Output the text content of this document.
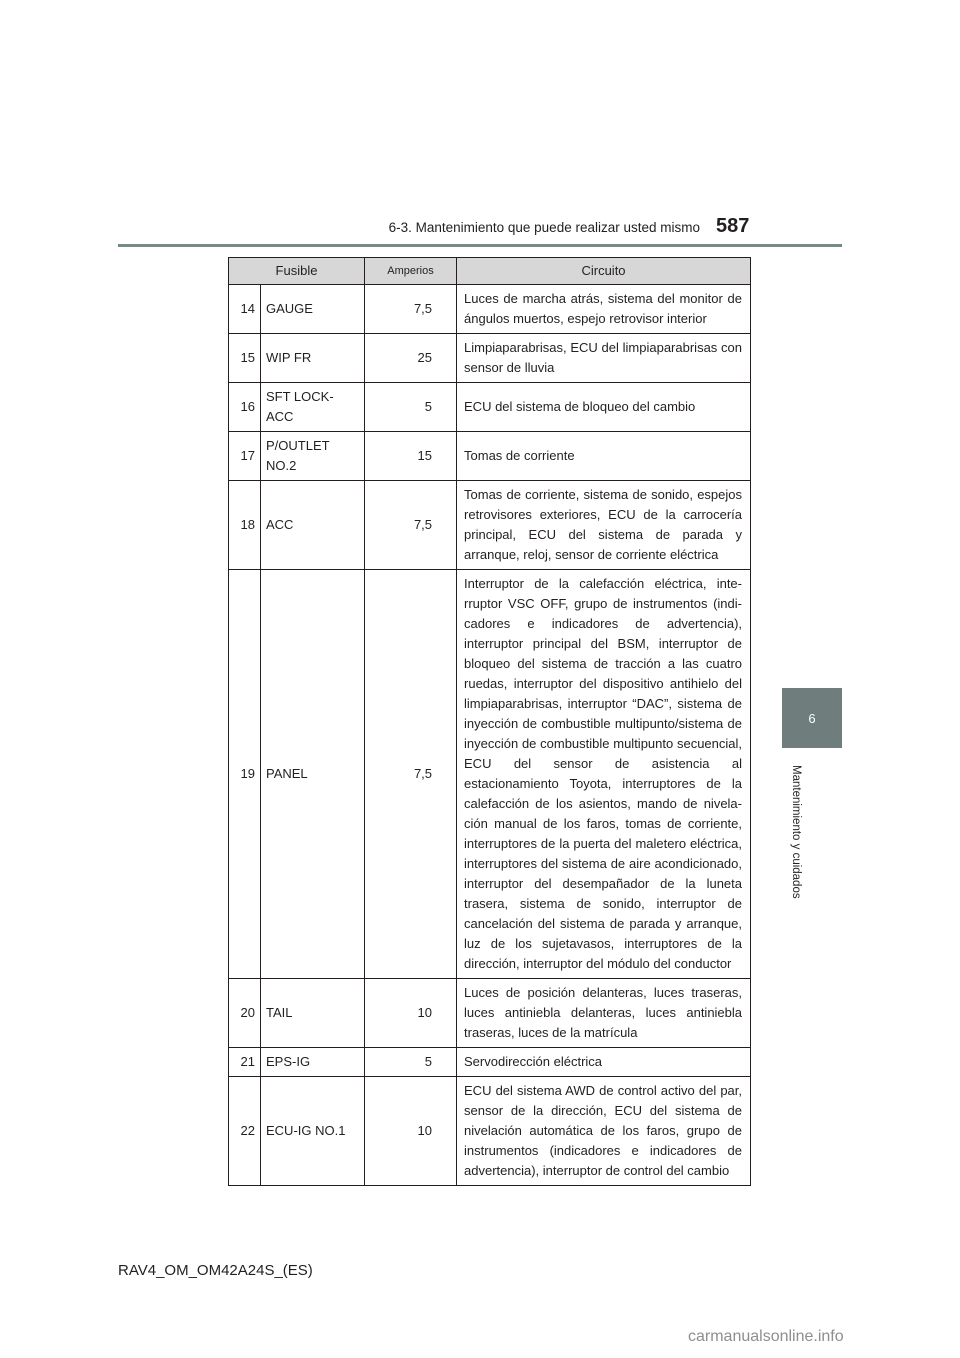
6-3. Mantenimiento que puede realizar usted mismo 587
6
Mantenimiento y cuidados
Fusible		Amperios	Circuito
14	GAUGE	7,5	Luces de marcha atrás, sistema del monitor de ángulos muertos, espejo retrovisor interior
15	WIP FR	25	Limpiaparabrisas, ECU del limpiaparabrisas con sensor de lluvia
16	SFT LOCK-ACC	5	ECU del sistema de bloqueo del cambio
17	P/OUTLET NO.2	15	Tomas de corriente
18	ACC	7,5	Tomas de corriente, sistema de sonido, espejos retrovisores exteriores, ECU de la carrocería principal, ECU del sistema de parada y arranque, reloj, sensor de corriente eléctrica
19	PANEL	7,5	Interruptor de la calefacción eléctrica, interruptor VSC OFF, grupo de instrumentos (indicadores e indicadores de advertencia), interruptor principal del BSM, interruptor de bloqueo del sistema de tracción a las cuatro ruedas, interruptor del dispositivo antihielo del limpiaparabrisas, interruptor “DAC”, sistema de inyección de combustible multipunto/sistema de inyección de combustible multipunto secuencial, ECU del sensor de asistencia al estacionamiento Toyota, interruptores de la calefacción de los asientos, mando de nivelación manual de los faros, tomas de corriente, interruptores de la puerta del maletero eléctrica, interruptores del sistema de aire acondicionado, interruptor del desempañador de la luneta trasera, sistema de sonido, interruptor de cancelación del sistema de parada y arranque, luz de los sujetavasos, interruptores de la dirección, interruptor del módulo del conductor
20	TAIL	10	Luces de posición delanteras, luces traseras, luces antiniebla delanteras, luces antiniebla traseras, luces de la matrícula
21	EPS-IG	5	Servodirección eléctrica
22	ECU-IG NO.1	10	ECU del sistema AWD de control activo del par, sensor de la dirección, ECU del sistema de nivelación automática de los faros, grupo de instrumentos (indicadores e indicadores de advertencia), interruptor de control del cambio
RAV4_OM_OM42A24S_(ES)
carmanualsonline.info
